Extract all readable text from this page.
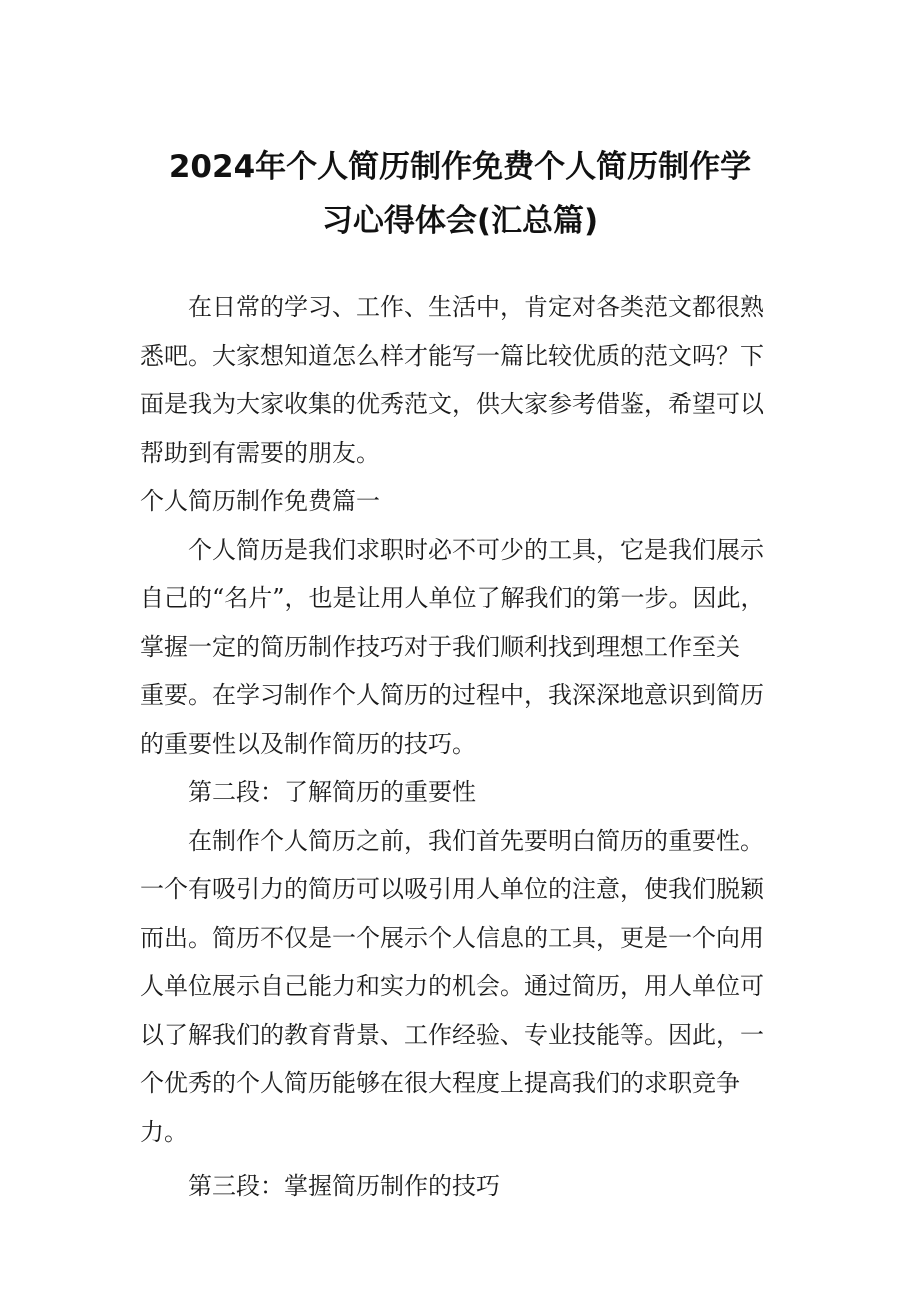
2024年个人简历制作免费个人简历制作学
习心得体会(汇总篇)
在日常的学习、工作、生活中，肯定对各类范文都很熟
悉吧。大家想知道怎么样才能写一篇比较优质的范文吗？下
面是我为大家收集的优秀范文，供大家参考借鉴，希望可以
帮助到有需要的朋友。
个人简历制作免费篇一
个人简历是我们求职时必不可少的工具，它是我们展示
自己的“名片”，也是让用人单位了解我们的第一步。因此，
掌握一定的简历制作技巧对于我们顺利找到理想工作至关
重要。在学习制作个人简历的过程中，我深深地意识到简历
的重要性以及制作简历的技巧。
第二段：了解简历的重要性
在制作个人简历之前，我们首先要明白简历的重要性。
一个有吸引力的简历可以吸引用人单位的注意，使我们脱颖
而出。简历不仅是一个展示个人信息的工具，更是一个向用
人单位展示自己能力和实力的机会。通过简历，用人单位可
以了解我们的教育背景、工作经验、专业技能等。因此，一
个优秀的个人简历能够在很大程度上提高我们的求职竞争
力。
第三段：掌握简历制作的技巧
